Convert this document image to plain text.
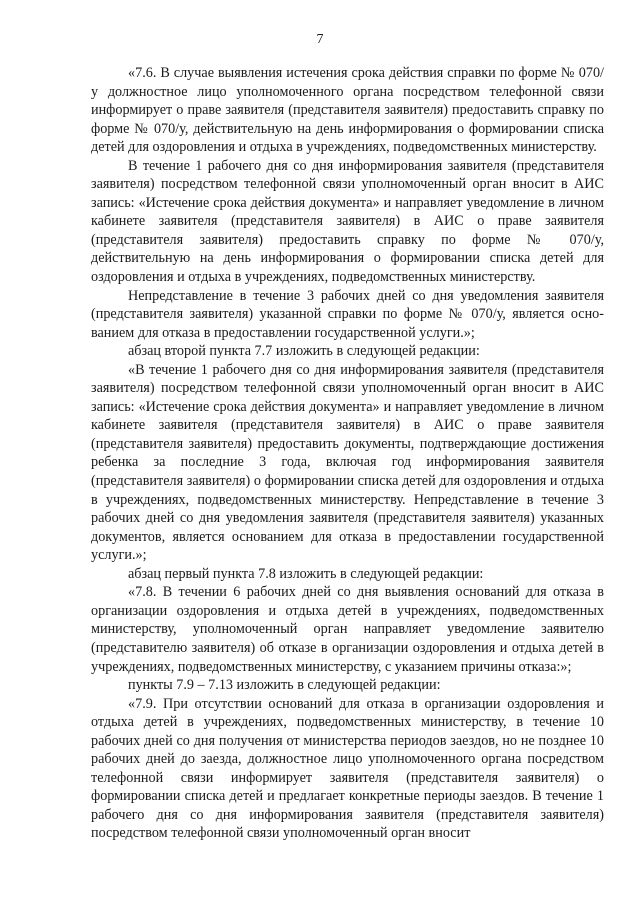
7

«7.6. В случае выявления истечения срока действия справки по форме № 070/у должностное лицо уполномоченного органа посредством телефонной связи информирует о праве заявителя (представителя заявителя) предоставить справку по форме № 070/у, действительную на день информирования о формировании списка детей для оздоровления и отдыха в учреждениях, подведомственных министерству.

В течение 1 рабочего дня со дня информирования заявителя (представителя заявителя) посредством телефонной связи уполномоченный орган вносит в АИС запись: «Истечение срока действия документа» и направляет уведомление в личном кабинете заявителя (представителя заявителя) в АИС о праве заявителя (представителя заявителя) предоставить справку по форме № 070/у, действительную на день информирования о формировании списка детей для оздоровления и отдыха в учреждениях, подведомственных министерству.

Непредставление в течение 3 рабочих дней со дня уведомления заявителя (представителя заявителя) указанной справки по форме № 070/у, является основанием для отказа в предоставлении государственной услуги.»;

абзац второй пункта 7.7 изложить в следующей редакции:

«В течение 1 рабочего дня со дня информирования заявителя (представителя заявителя) посредством телефонной связи уполномоченный орган вносит в АИС запись: «Истечение срока действия документа» и направляет уведомление в личном кабинете заявителя (представителя заявителя) в АИС о праве заявителя (представителя заявителя) предоставить документы, подтверждающие достижения ребенка за последние 3 года, включая год информирования заявителя (представителя заявителя) о формировании списка детей для оздоровления и отдыха в учреждениях, подведомственных министерству. Непредставление в течение 3 рабочих дней со дня уведомления заявителя (представителя заявителя) указанных документов, является основанием для отказа в предоставлении государственной услуги.»;

абзац первый пункта 7.8 изложить в следующей редакции:

«7.8. В течении 6 рабочих дней со дня выявления оснований для отказа в организации оздоровления и отдыха детей в учреждениях, подведомственных министерству, уполномоченный орган направляет уведомление заявителю (представителю заявителя) об отказе в организации оздоровления и отдыха детей в учреждениях, подведомственных министерству, с указанием причины отказа:»;

пункты 7.9 – 7.13 изложить в следующей редакции:

«7.9. При отсутствии оснований для отказа в организации оздоровления и отдыха детей в учреждениях, подведомственных министерству, в течение 10 рабочих дней со дня получения от министерства периодов заездов, но не позднее 10 рабочих дней до заезда, должностное лицо уполномоченного органа посредством телефонной связи информирует заявителя (представителя заявителя) о формировании списка детей и предлагает конкретные периоды заездов. В течение 1 рабочего дня со дня информирования заявителя (представителя заявителя) посредством телефонной связи уполномоченный орган вносит
